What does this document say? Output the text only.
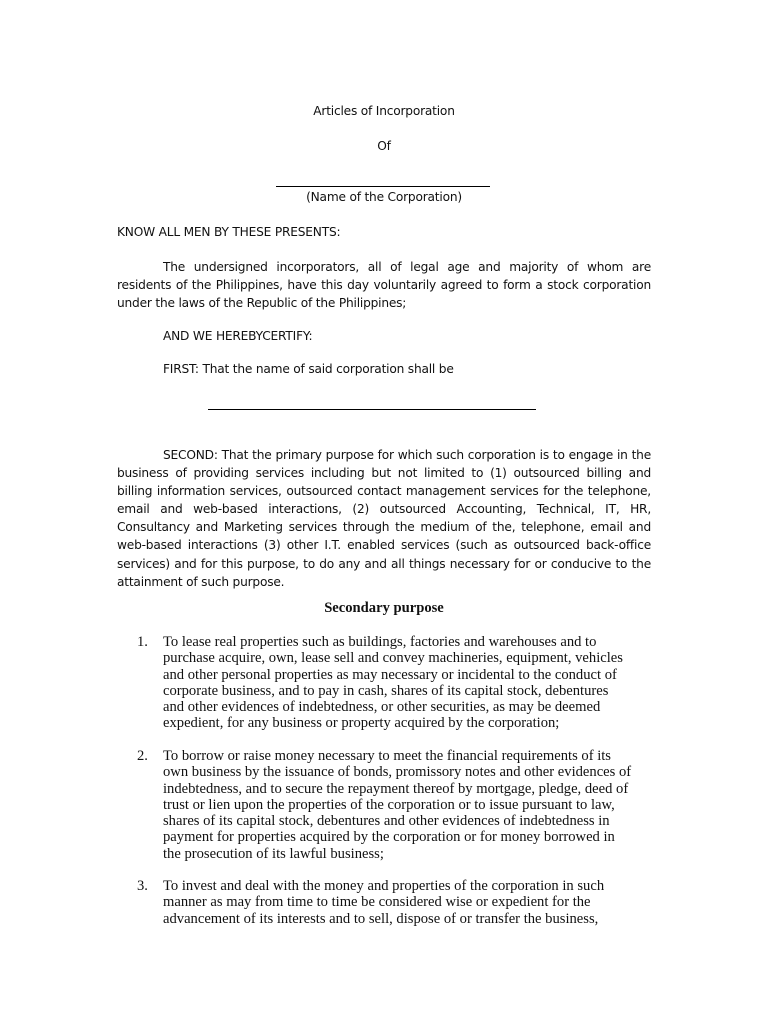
Articles of Incorporation
Of
(Name of the Corporation)
KNOW ALL MEN BY THESE PRESENTS:
The undersigned incorporators, all of legal age and majority of whom are residents of the Philippines, have this day voluntarily agreed to form a stock corporation under the laws of the Republic of the Philippines;
AND WE HEREBYCERTIFY:
FIRST: That the name of said corporation shall be
SECOND: That the primary purpose for which such corporation is to engage in the business of providing services including but not limited to (1) outsourced billing and billing information services, outsourced contact management services for the telephone, email and web-based interactions, (2) outsourced Accounting, Technical, IT, HR, Consultancy and Marketing services through the medium of the, telephone, email and web-based interactions (3) other I.T. enabled services (such as outsourced back-office services) and for this purpose, to do any and all things necessary for or conducive to the attainment of such purpose.
Secondary purpose
1. To lease real properties such as buildings, factories and warehouses and to purchase acquire, own, lease sell and convey machineries, equipment, vehicles and other personal properties as may necessary or incidental to the conduct of corporate business, and to pay in cash, shares of its capital stock, debentures and other evidences of indebtedness, or other securities, as may be deemed expedient, for any business or property acquired by the corporation;
2. To borrow or raise money necessary to meet the financial requirements of its own business by the issuance of bonds, promissory notes and other evidences of indebtedness, and to secure the repayment thereof by mortgage, pledge, deed of trust or lien upon the properties of the corporation or to issue pursuant to law, shares of its capital stock, debentures and other evidences of indebtedness in payment for properties acquired by the corporation or for money borrowed in the prosecution of its lawful business;
3. To invest and deal with the money and properties of the corporation in such manner as may from time to time be considered wise or expedient for the advancement of its interests and to sell, dispose of or transfer the business,
